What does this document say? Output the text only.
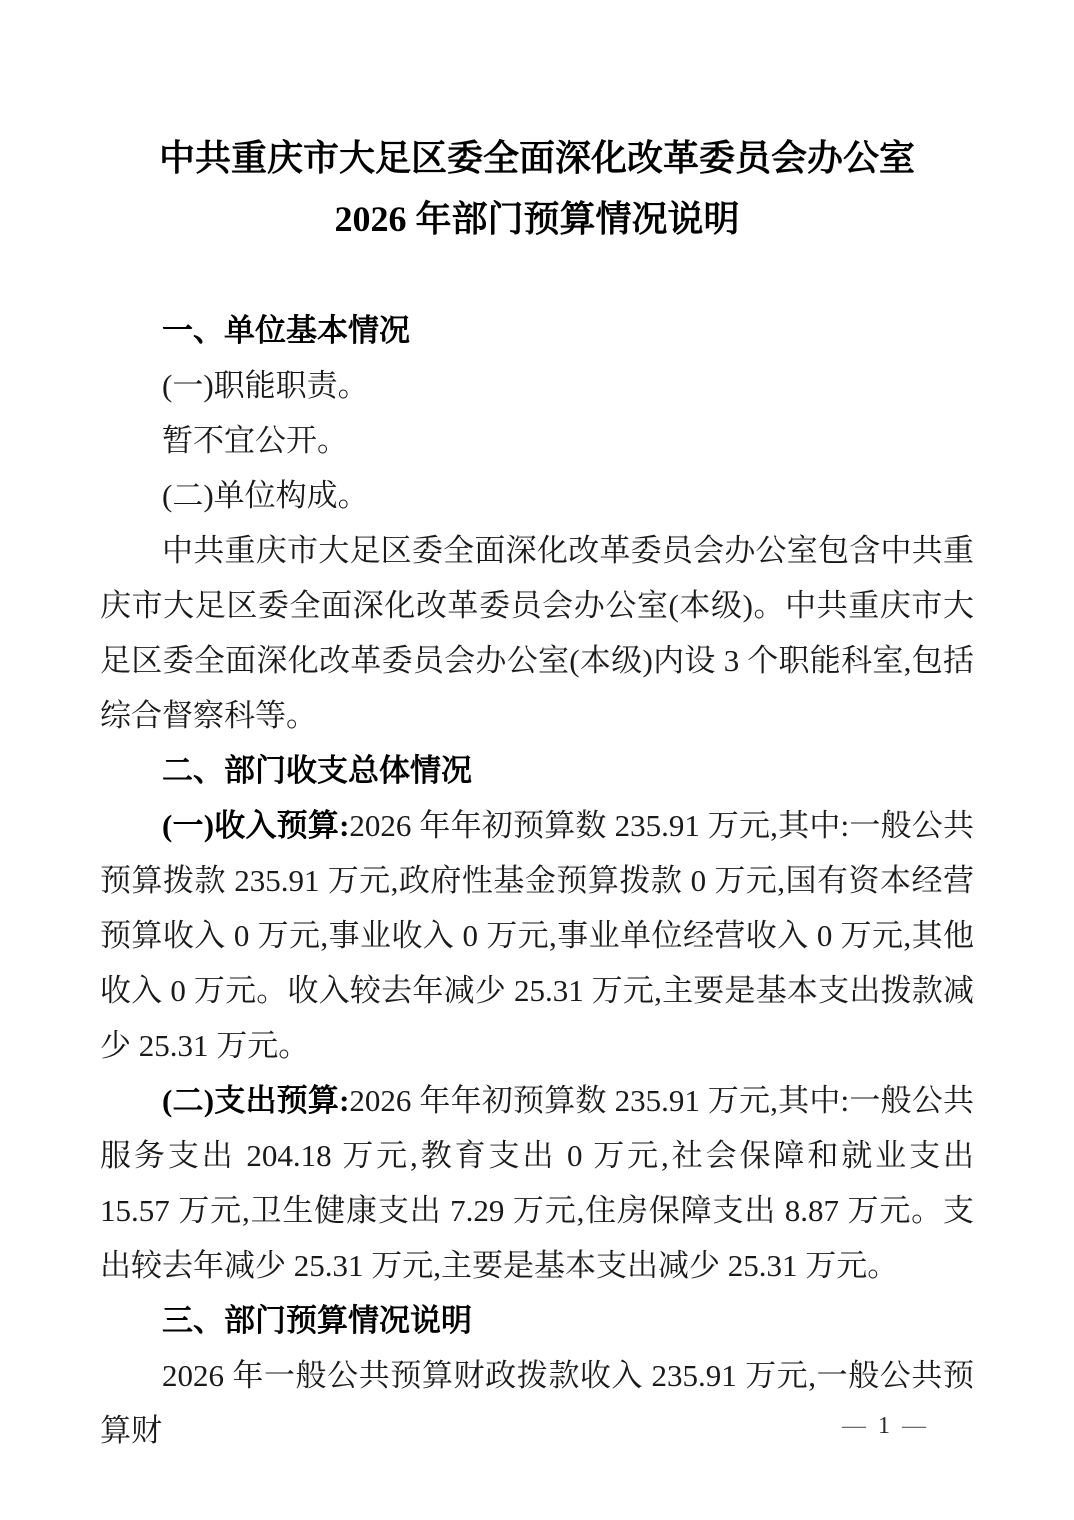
中共重庆市大足区委全面深化改革委员会办公室
2026 年部门预算情况说明

一、单位基本情况

(一)职能职责。

暂不宜公开。

(二)单位构成。

中共重庆市大足区委全面深化改革委员会办公室包含中共重庆市大足区委全面深化改革委员会办公室(本级)。中共重庆市大足区委全面深化改革委员会办公室(本级)内设 3 个职能科室,包括综合督察科等。

二、部门收支总体情况

(一)收入预算:2026 年年初预算数 235.91 万元,其中:一般公共预算拨款 235.91 万元,政府性基金预算拨款 0 万元,国有资本经营预算收入 0 万元,事业收入 0 万元,事业单位经营收入 0 万元,其他收入 0 万元。收入较去年减少 25.31 万元,主要是基本支出拨款减少 25.31 万元。

(二)支出预算:2026 年年初预算数 235.91 万元,其中:一般公共服务支出 204.18 万元,教育支出 0 万元,社会保障和就业支出 15.57 万元,卫生健康支出 7.29 万元,住房保障支出 8.87 万元。支出较去年减少 25.31 万元,主要是基本支出减少 25.31 万元。

三、部门预算情况说明

2026 年一般公共预算财政拨款收入 235.91 万元,一般公共预算财	— 1 —
